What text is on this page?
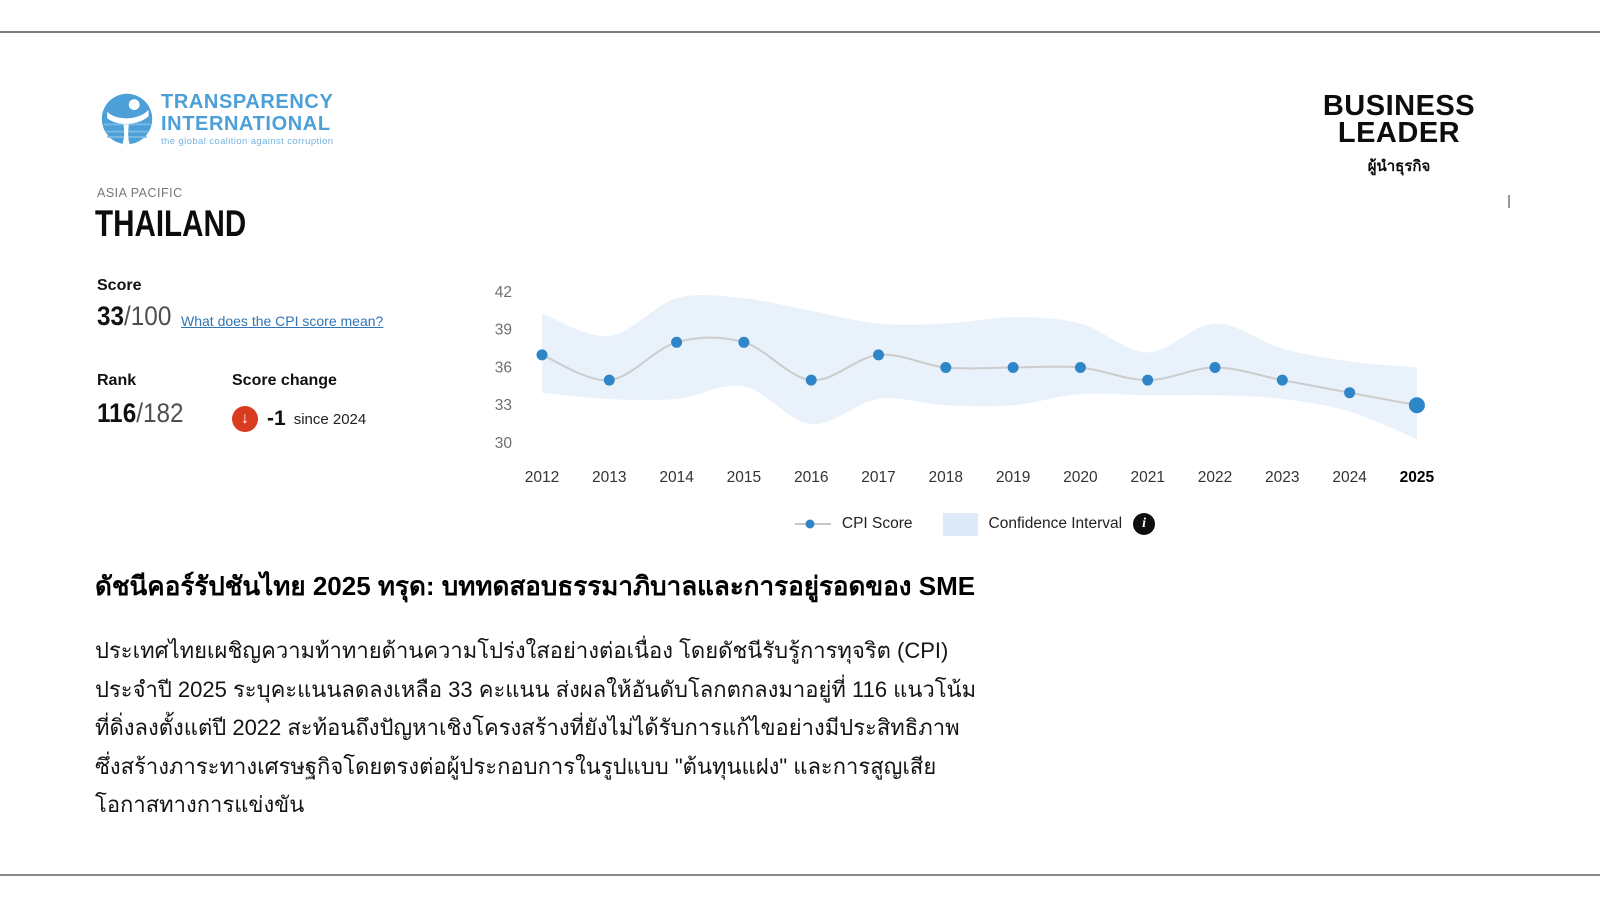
TRANSPARENCY
INTERNATIONAL
the global coalition against corruption
BUSINESS
LEADER
ผู้นำธุรกิจ
ASIA PACIFIC
THAILAND
Score
33/100 What does the CPI score mean?
Rank
116/182
Score change
↓ -1 since 2024
42
39
36
33
30
2012 2013 2014 2015 2016 2017 2018 2019 2020 2021 2022 2023 2024 2025
CPI Score	Confidence Interval	i
ดัชนีคอร์รัปชันไทย 2025 ทรุด: บททดสอบธรรมาภิบาลและการอยู่รอดของ SME
ประเทศไทยเผชิญความท้าทายด้านความโปร่งใสอย่างต่อเนื่อง โดยดัชนีรับรู้การทุจริต (CPI)
ประจำปี 2025 ระบุคะแนนลดลงเหลือ 33 คะแนน ส่งผลให้อันดับโลกตกลงมาอยู่ที่ 116 แนวโน้ม
ที่ดิ่งลงตั้งแต่ปี 2022 สะท้อนถึงปัญหาเชิงโครงสร้างที่ยังไม่ได้รับการแก้ไขอย่างมีประสิทธิภาพ
ซึ่งสร้างภาระทางเศรษฐกิจโดยตรงต่อผู้ประกอบการในรูปแบบ "ต้นทุนแฝง" และการสูญเสีย
โอกาสทางการแข่งขัน
